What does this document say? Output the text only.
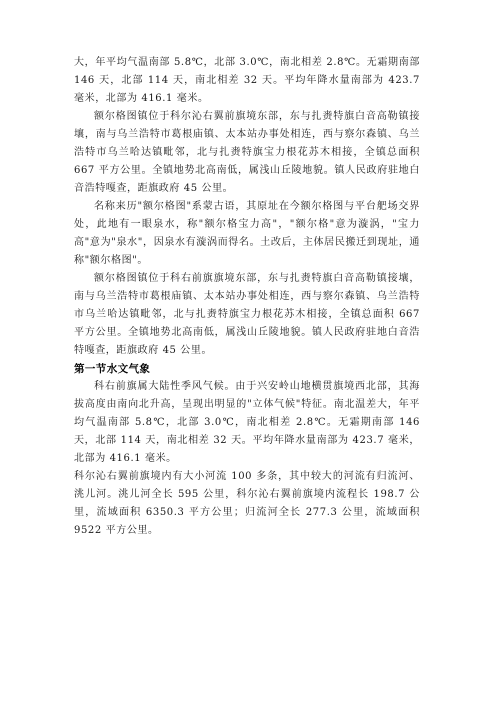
大，年平均气温南部 5.8℃，北部 3.0℃，南北相差 2.8℃。无霜期南部 146 天，北部 114 天，南北相差 32 天。平均年降水量南部为 423.7 毫米，北部为 416.1 毫米。

额尔格图镇位于科尔沁右翼前旗境东部，东与扎赉特旗白音高勒镇接壤，南与乌兰浩特市葛根庙镇、太本站办事处相连，西与察尔森镇、乌兰浩特市乌兰哈达镇毗邻，北与扎赉特旗宝力根花苏木相接，全镇总面积 667 平方公里。全镇地势北高南低，属浅山丘陵地貌。镇人民政府驻地白音浩特嘎查，距旗政府 45 公里。

名称来历"额尔格图"系蒙古语，其原址在今额尔格图与平台舥场交界处，此地有一眼泉水，称"额尔格宝力高"，"额尔格"意为漩涡，"宝力高"意为"泉水"，因泉水有漩涡而得名。土改后，主体居民搬迁到现址，通称"额尔格图"。

额尔格图镇位于科右前旗旗境东部，东与扎赉特旗白音高勒镇接壤，南与乌兰浩特市葛根庙镇、太本站办事处相连，西与察尔森镇、乌兰浩特市乌兰哈达镇毗邻，北与扎赉特旗宝力根花苏木相接，全镇总面积 667 平方公里。全镇地势北高南低，属浅山丘陵地貌。镇人民政府驻地白音浩特嘎查，距旗政府 45 公里。

第一节水文气象

科右前旗属大陆性季风气候。由于兴安岭山地横贯旗境西北部，其海拔高度由南向北升高，呈现出明显的"立体气候"特征。南北温差大，年平均气温南部 5.8℃，北部 3.0℃，南北相差 2.8℃。无霜期南部 146 天，北部 114 天，南北相差 32 天。平均年降水量南部为 423.7 毫米，北部为 416.1 毫米。

科尔沁右翼前旗境内有大小河流 100 多条，其中较大的河流有归流河、洮儿河。洮儿河全长 595 公里，科尔沁右翼前旗境内流程长 198.7 公里，流域面积 6350.3 平方公里；归流河全长 277.3 公里，流域面积 9522 平方公里。
